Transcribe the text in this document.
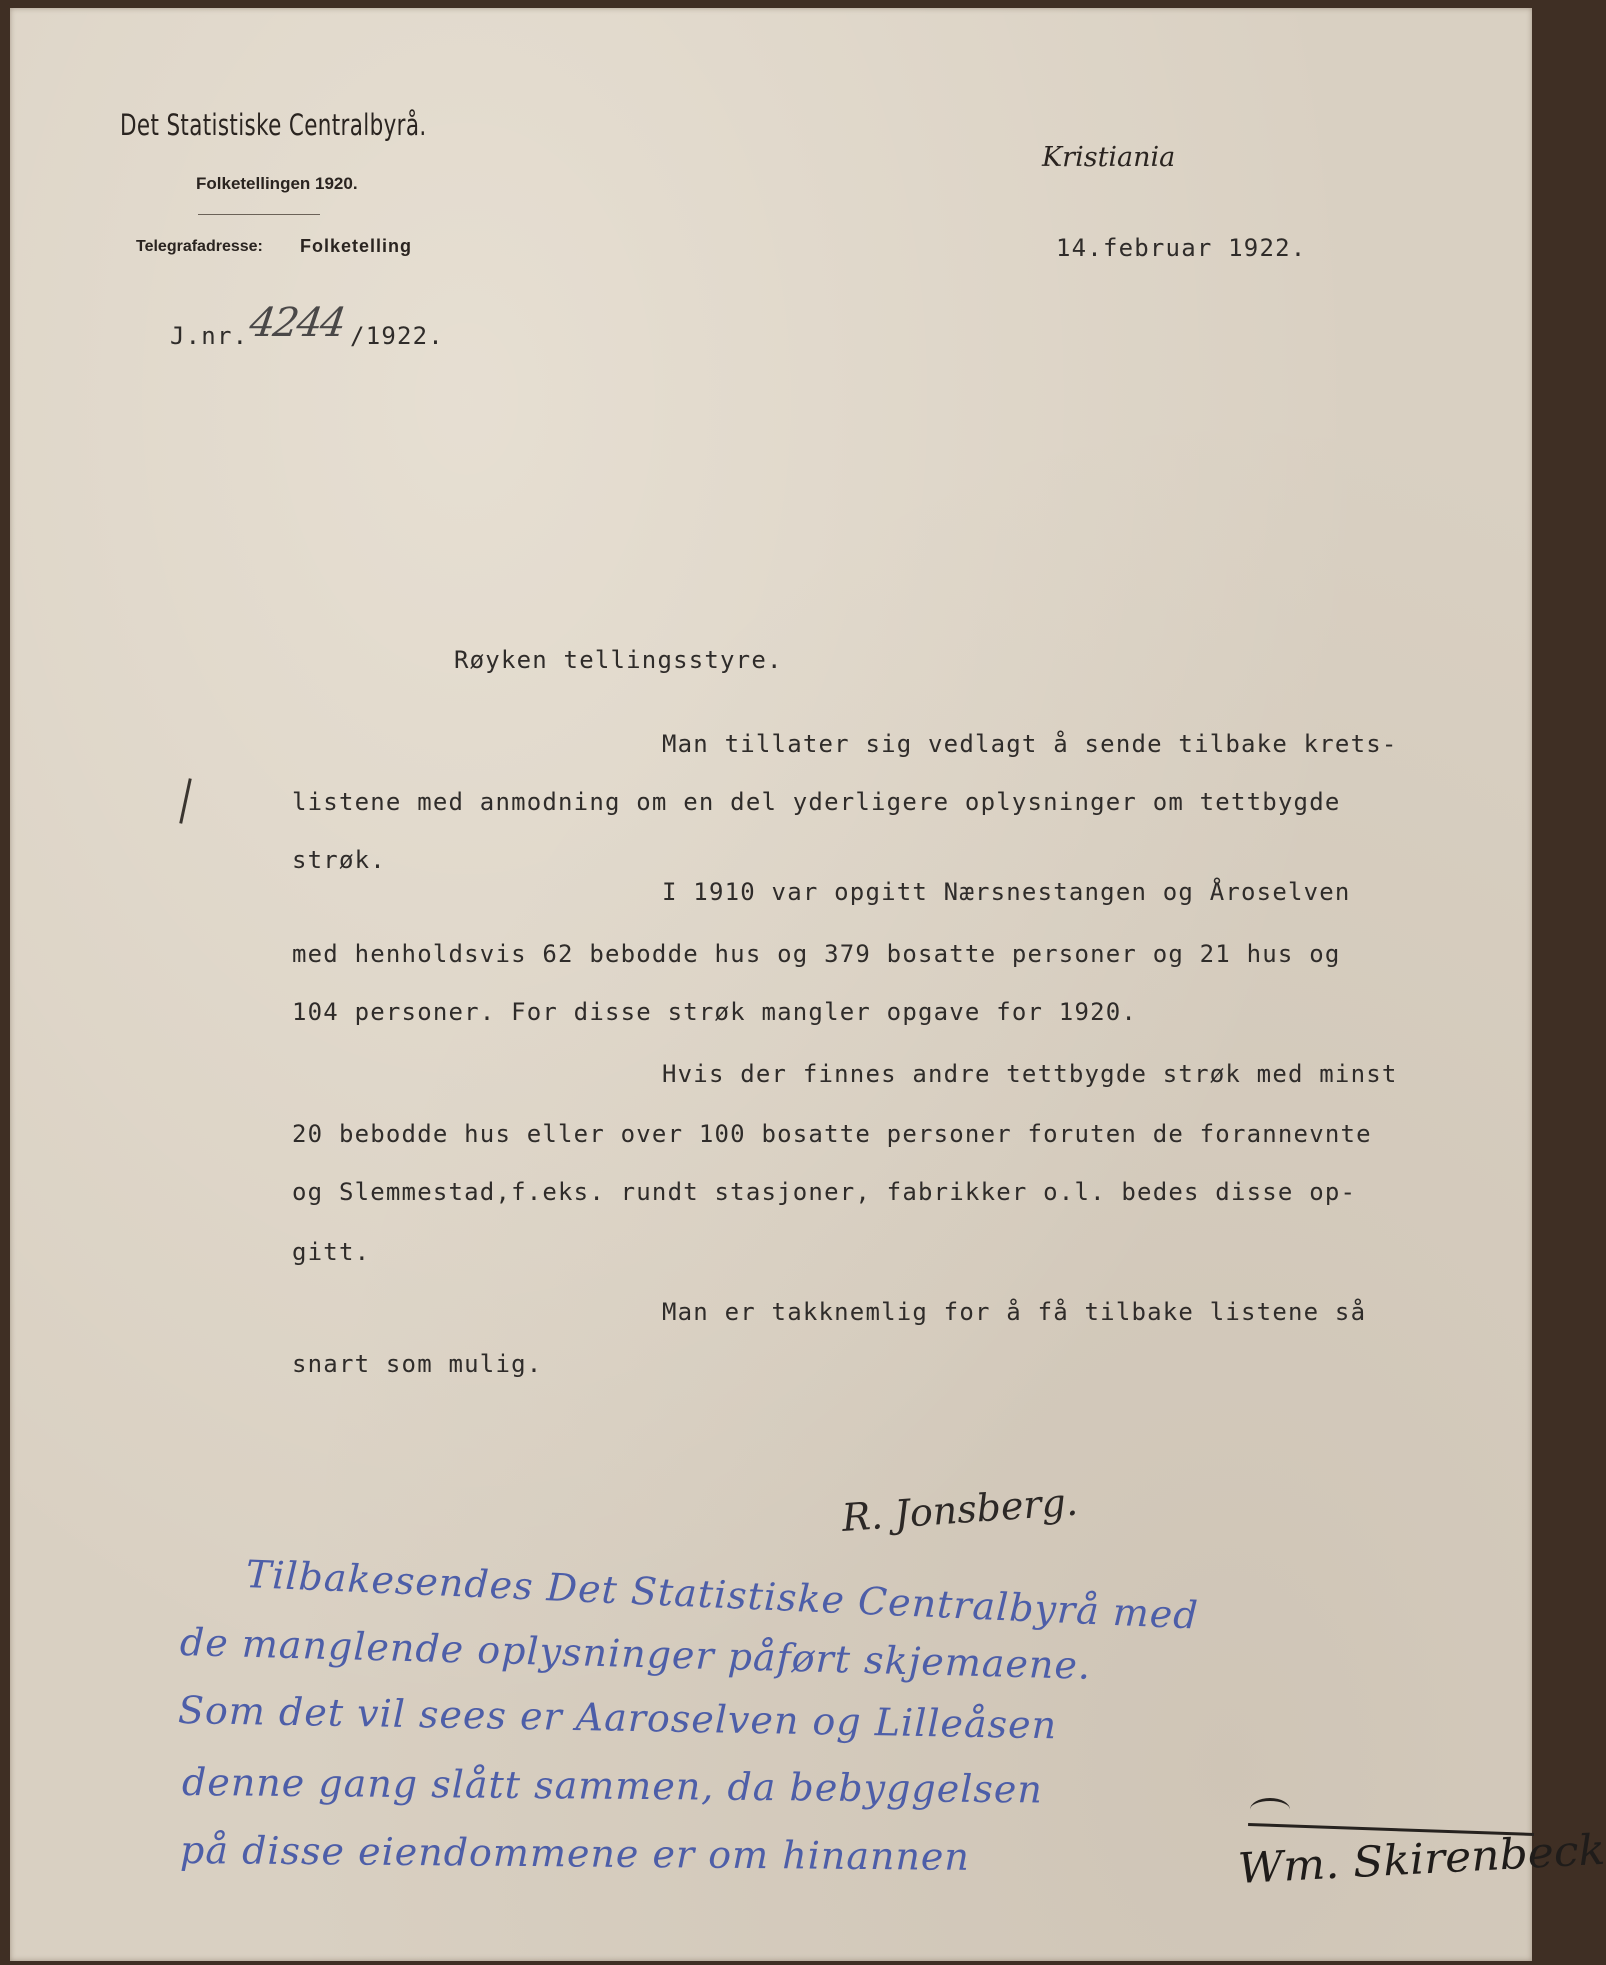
Det Statistiske Centralbyrå.
Folketellingen 1920.
Telegrafadresse: Folketelling
Kristiania
14.februar 1922.
J.nr.4244 /1922.
Røyken tellingsstyre.
Man tillater sig vedlagt å sende tilbake krets-
listene med anmodning om en del yderligere oplysninger om tettbygde
strøk.
I 1910 var opgitt Nærsnestangen og Åroselven
med henholdsvis 62 bebodde hus og 379 bosatte personer og 21 hus og
104 personer. For disse strøk mangler opgave for 1920.
Hvis der finnes andre tettbygde strøk med minst
20 bebodde hus eller over 100 bosatte personer foruten de forannevnte
og Slemmestad,f.eks. rundt stasjoner, fabrikker o.l. bedes disse op-
gitt.
Man er takknemlig for å få tilbake listene så
snart som mulig.
R. Jonsberg.
Tilbakesendes Det Statistiske Centralbyrå med
de manglende oplysninger påført skjemaene.
Som det vil sees er Aaroselven og Lilleåsen
denne gang slått sammen, da bebyggelsen
på disse eiendommene er om hinannen	Wm. Skirenbeck
